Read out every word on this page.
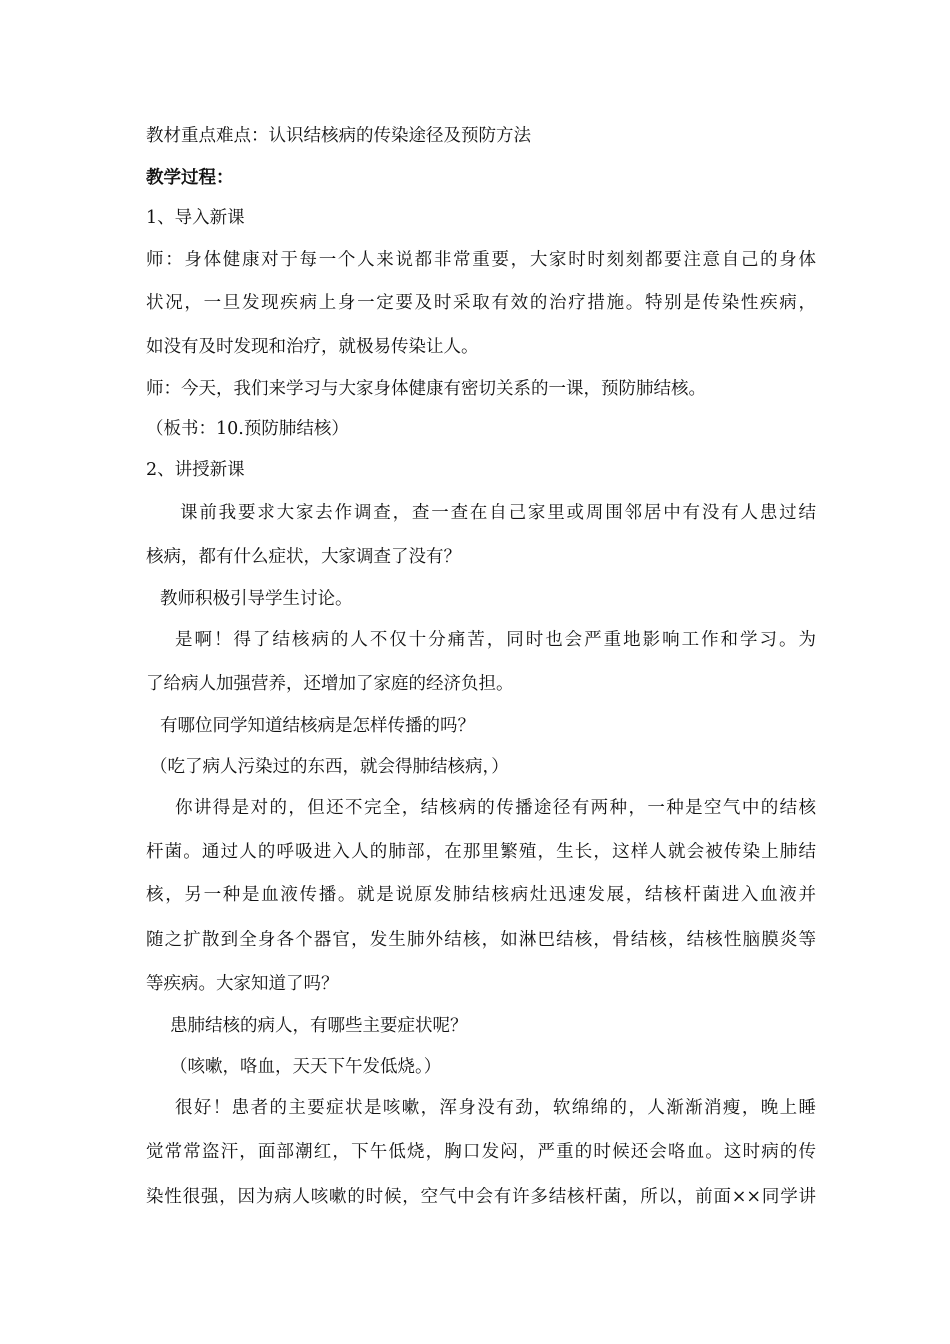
教材重点难点：认识结核病的传染途径及预防方法
教学过程：
1、导入新课
师：身体健康对于每一个人来说都非常重要，大家时时刻刻都要注意自己的身体
状况，一旦发现疾病上身一定要及时采取有效的治疗措施。特别是传染性疾病，
如没有及时发现和治疗，就极易传染让人。
师：今天，我们来学习与大家身体健康有密切关系的一课，预防肺结核。
（板书：10.预防肺结核）
2、讲授新课
课前我要求大家去作调查，查一查在自己家里或周围邻居中有没有人患过结
核病，都有什么症状，大家调查了没有？
教师积极引导学生讨论。
是啊！得了结核病的人不仅十分痛苦，同时也会严重地影响工作和学习。为
了给病人加强营养，还增加了家庭的经济负担。
有哪位同学知道结核病是怎样传播的吗？
（吃了病人污染过的东西，就会得肺结核病，）
你讲得是对的，但还不完全，结核病的传播途径有两种，一种是空气中的结核
杆菌。通过人的呼吸进入人的肺部，在那里繁殖，生长，这样人就会被传染上肺结
核，另一种是血液传播。就是说原发肺结核病灶迅速发展，结核杆菌进入血液并
随之扩散到全身各个器官，发生肺外结核，如淋巴结核，骨结核，结核性脑膜炎等
等疾病。大家知道了吗？
患肺结核的病人，有哪些主要症状呢？
（咳嗽，咯血，天天下午发低烧。）
很好！患者的主要症状是咳嗽，浑身没有劲，软绵绵的，人渐渐消瘦，晚上睡
觉常常盗汗，面部潮红，下午低烧，胸口发闷，严重的时候还会咯血。这时病的传
染性很强，因为病人咳嗽的时候，空气中会有许多结核杆菌，所以，前面××同学讲
